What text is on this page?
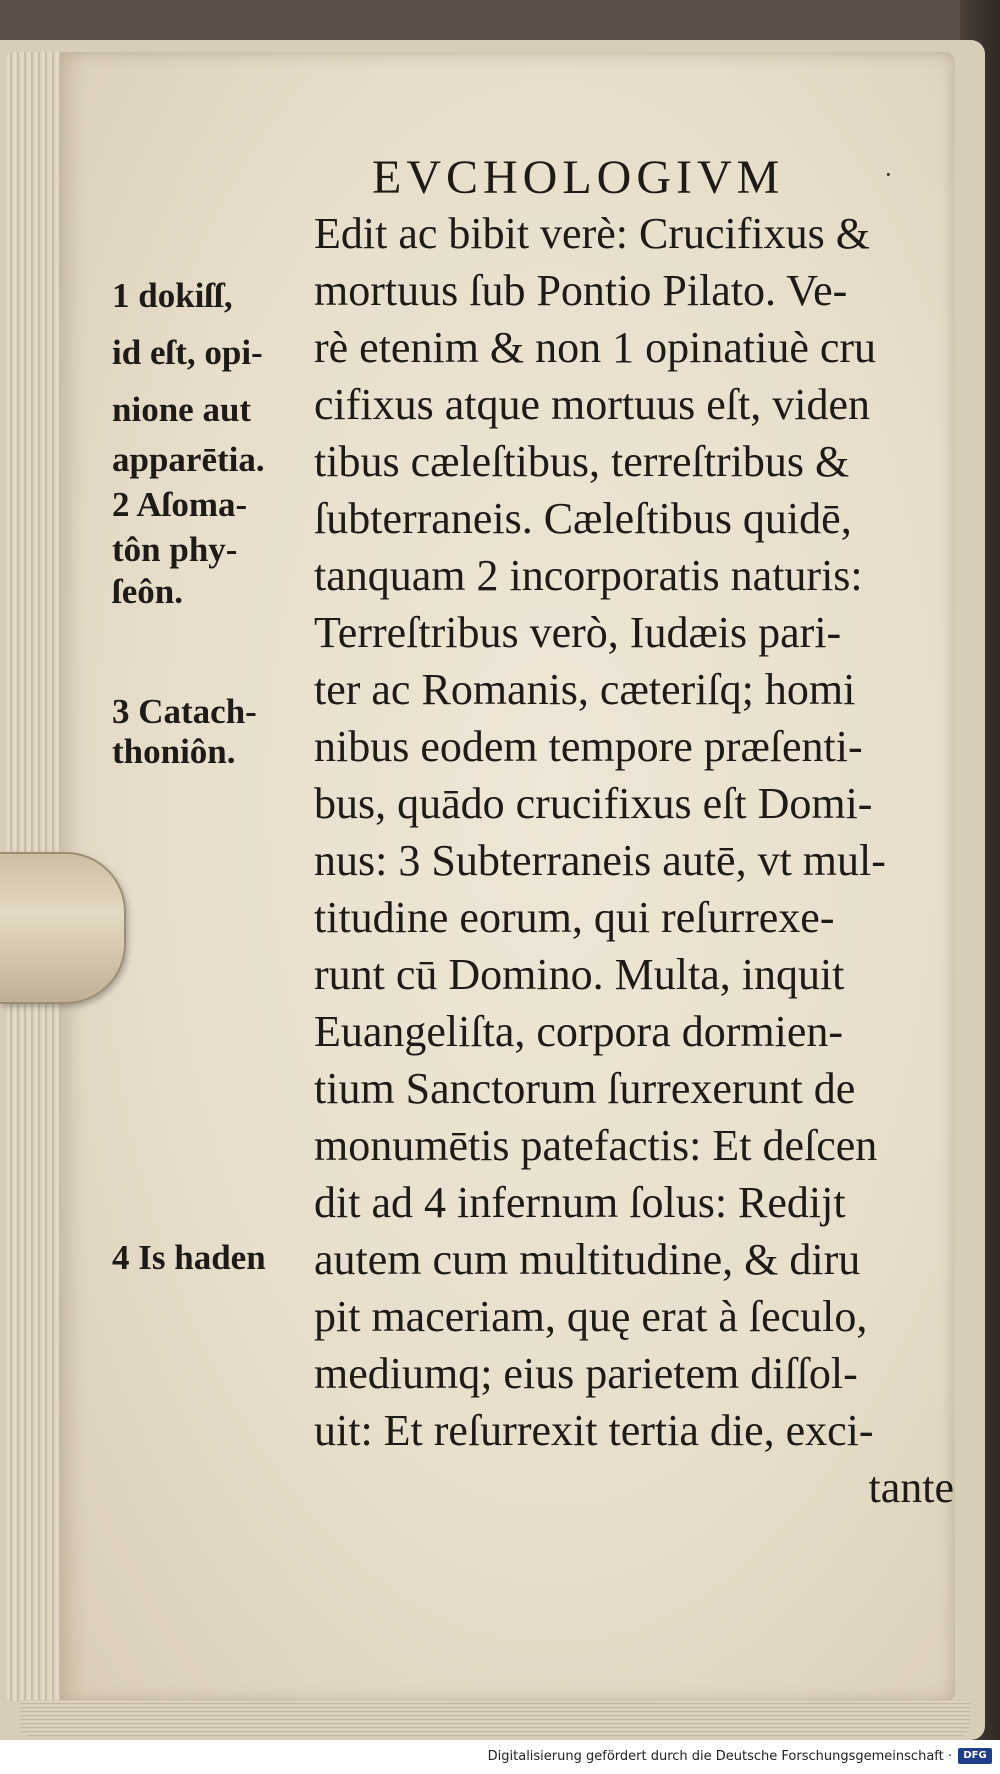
EVCHOLOGIVM	·
Edit ac bibit verè: Crucifixus &
mortuus ſub Pontio Pilato. Ve-
rè etenim & non 1 opinatiuè cru
cifixus atque mortuus eſt, viden
tibus cæleſtibus, terreſtribus &
ſubterraneis. Cæleſtibus quidē,
tanquam 2 incorporatis naturis:
Terreſtribus verò, Iudæis pari-
ter ac Romanis, cæteriſq; homi
nibus eodem tempore præſenti-
bus, quādo crucifixus eſt Domi-
nus: 3 Subterraneis autē, vt mul-
titudine eorum, qui reſurrexe-
runt cū Domino. Multa, inquit
Euangeliſta, corpora dormien-
tium Sanctorum ſurrexerunt de
monumētis patefactis: Et deſcen
dit ad 4 infernum ſolus: Redijt
autem cum multitudine, & diru
pit maceriam, quę erat à ſeculo,
mediumq; eius parietem diſſol-
uit: Et reſurrexit tertia die, exci-
tante
1 dokiſſ,
id eſt, opi-
nione aut
apparētia.
2 Aſoma-
tôn phy-
ſeôn.
3 Catach-
thoniôn.
4 Is haden
Digitalisierung gefördert durch die Deutsche Forschungsgemeinschaft ·	DFG
